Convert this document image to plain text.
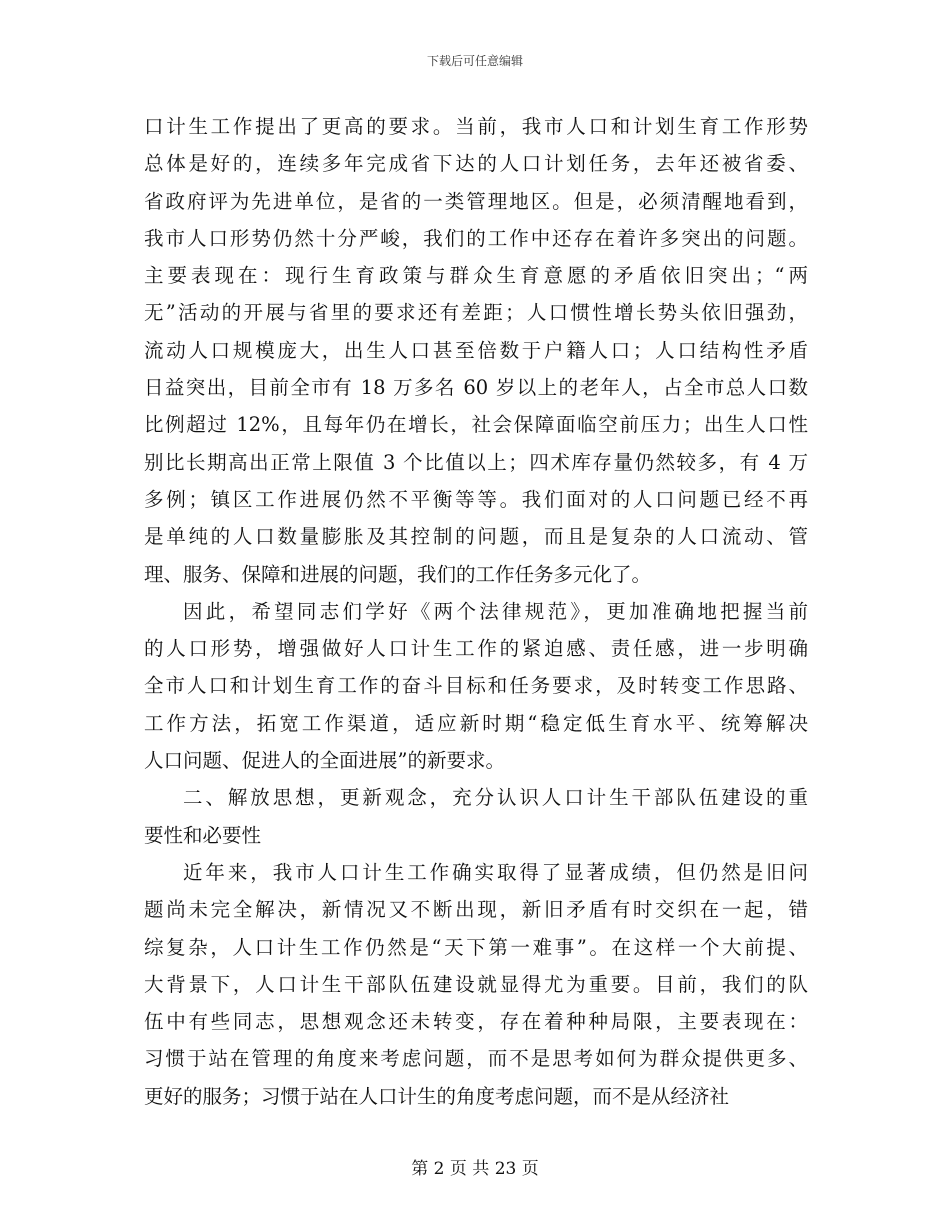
下载后可任意编辑
口计生工作提出了更高的要求。当前，我市人口和计划生育工作形势
总体是好的，连续多年完成省下达的人口计划任务，去年还被省委、
省政府评为先进单位，是省的一类管理地区。但是，必须清醒地看到，
我市人口形势仍然十分严峻，我们的工作中还存在着许多突出的问题。
主要表现在：现行生育政策与群众生育意愿的矛盾依旧突出；“两
无”活动的开展与省里的要求还有差距；人口惯性增长势头依旧强劲，
流动人口规模庞大，出生人口甚至倍数于户籍人口；人口结构性矛盾
日益突出，目前全市有 18 万多名 60 岁以上的老年人，占全市总人口数
比例超过 12%，且每年仍在增长，社会保障面临空前压力；出生人口性
别比长期高出正常上限值 3 个比值以上；四术库存量仍然较多，有 4 万
多例；镇区工作进展仍然不平衡等等。我们面对的人口问题已经不再
是单纯的人口数量膨胀及其控制的问题，而且是复杂的人口流动、管
理、服务、保障和进展的问题，我们的工作任务多元化了。
因此，希望同志们学好《两个法律规范》，更加准确地把握当前
的人口形势，增强做好人口计生工作的紧迫感、责任感，进一步明确
全市人口和计划生育工作的奋斗目标和任务要求，及时转变工作思路、
工作方法，拓宽工作渠道，适应新时期“稳定低生育水平、统筹解决
人口问题、促进人的全面进展”的新要求。
二、解放思想，更新观念，充分认识人口计生干部队伍建设的重
要性和必要性
近年来，我市人口计生工作确实取得了显著成绩，但仍然是旧问
题尚未完全解决，新情况又不断出现，新旧矛盾有时交织在一起，错
综复杂，人口计生工作仍然是“天下第一难事”。在这样一个大前提、
大背景下，人口计生干部队伍建设就显得尤为重要。目前，我们的队
伍中有些同志，思想观念还未转变，存在着种种局限，主要表现在：
习惯于站在管理的角度来考虑问题，而不是思考如何为群众提供更多、
更好的服务；习惯于站在人口计生的角度考虑问题，而不是从经济社
第 2 页 共 23 页
